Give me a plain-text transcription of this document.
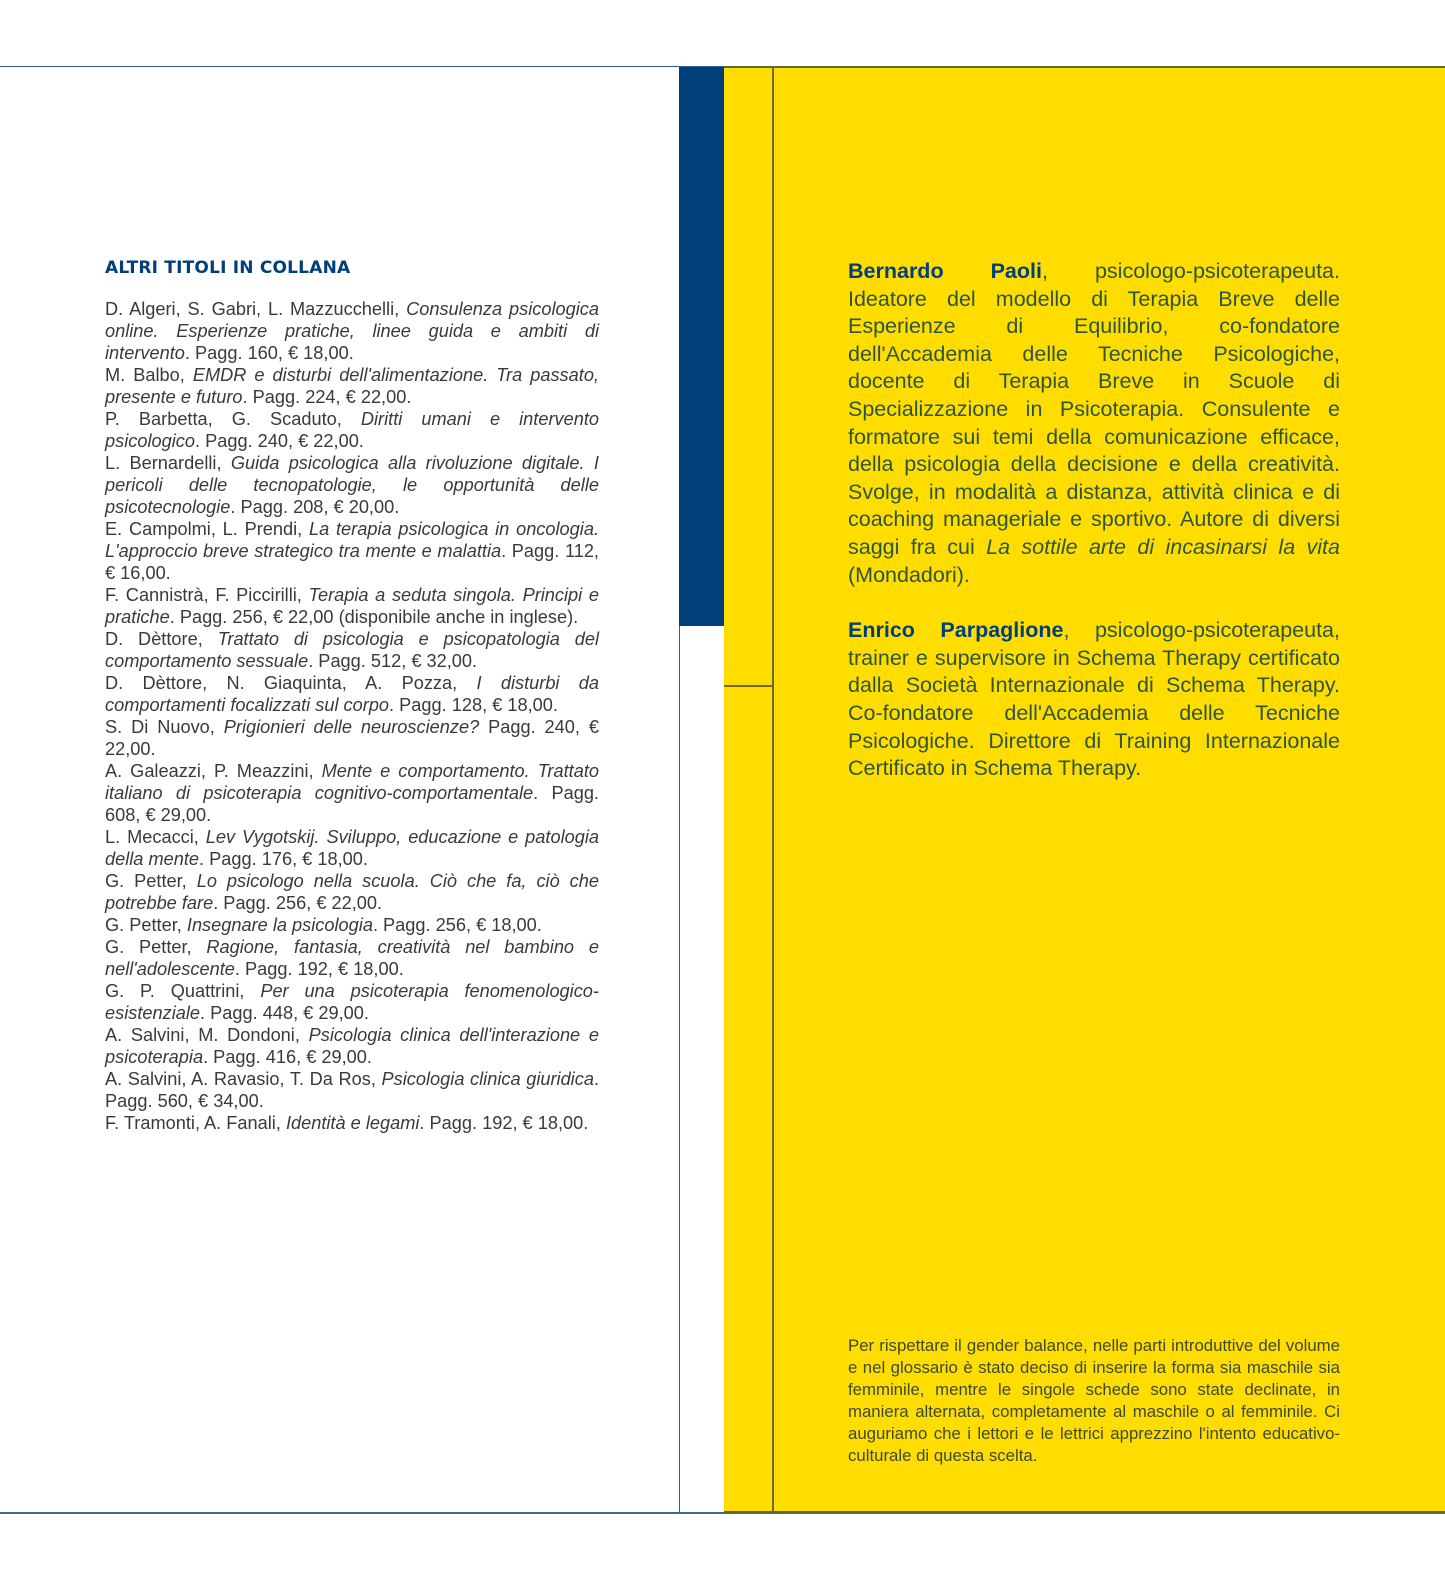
ALTRI TITOLI IN COLLANA
D. Algeri, S. Gabri, L. Mazzucchelli, Consulenza psicologica online. Esperienze pratiche, linee guida e ambiti di intervento. Pagg. 160, € 18,00.
M. Balbo, EMDR e disturbi dell'alimentazione. Tra passato, presente e futuro. Pagg. 224, € 22,00.
P. Barbetta, G. Scaduto, Diritti umani e intervento psicologico. Pagg. 240, € 22,00.
L. Bernardelli, Guida psicologica alla rivoluzione digitale. I pericoli delle tecnopatologie, le opportunità delle psicotecnologie. Pagg. 208, € 20,00.
E. Campolmi, L. Prendi, La terapia psicologica in oncologia. L'approccio breve strategico tra mente e malattia. Pagg. 112, € 16,00.
F. Cannistrà, F. Piccirilli, Terapia a seduta singola. Principi e pratiche. Pagg. 256, € 22,00 (disponibile anche in inglese).
D. Dèttore, Trattato di psicologia e psicopatologia del comportamento sessuale. Pagg. 512, € 32,00.
D. Dèttore, N. Giaquinta, A. Pozza, I disturbi da comportamenti focalizzati sul corpo. Pagg. 128, € 18,00.
S. Di Nuovo, Prigionieri delle neuroscienze? Pagg. 240, € 22,00.
A. Galeazzi, P. Meazzini, Mente e comportamento. Trattato italiano di psicoterapia cognitivo-comportamentale. Pagg. 608, € 29,00.
L. Mecacci, Lev Vygotskij. Sviluppo, educazione e patologia della mente. Pagg. 176, € 18,00.
G. Petter, Lo psicologo nella scuola. Ciò che fa, ciò che potrebbe fare. Pagg. 256, € 22,00.
G. Petter, Insegnare la psicologia. Pagg. 256, € 18,00.
G. Petter, Ragione, fantasia, creatività nel bambino e nell'adolescente. Pagg. 192, € 18,00.
G. P. Quattrini, Per una psicoterapia fenomenologico-esistenziale. Pagg. 448, € 29,00.
A. Salvini, M. Dondoni, Psicologia clinica dell'interazione e psicoterapia. Pagg. 416, € 29,00.
A. Salvini, A. Ravasio, T. Da Ros, Psicologia clinica giuridica. Pagg. 560, € 34,00.
F. Tramonti, A. Fanali, Identità e legami. Pagg. 192, € 18,00.

Bernardo Paoli, psicologo-psicoterapeuta. Ideatore del modello di Terapia Breve delle Esperienze di Equilibrio, co-fondatore dell'Accademia delle Tecniche Psicologiche, docente di Terapia Breve in Scuole di Specializzazione in Psicoterapia. Consulente e formatore sui temi della comunicazione efficace, della psicologia della decisione e della creatività. Svolge, in modalità a distanza, attività clinica e di coaching manageriale e sportivo. Autore di diversi saggi fra cui La sottile arte di incasinarsi la vita (Mondadori).

Enrico Parpaglione, psicologo-psicoterapeuta, trainer e supervisore in Schema Therapy certificato dalla Società Internazionale di Schema Therapy. Co-fondatore dell'Accademia delle Tecniche Psicologiche. Direttore di Training Internazionale Certificato in Schema Therapy.

Per rispettare il gender balance, nelle parti introduttive del volume e nel glossario è stato deciso di inserire la forma sia maschile sia femminile, mentre le singole schede sono state declinate, in maniera alternata, completamente al maschile o al femminile. Ci auguriamo che i lettori e le lettrici apprezzino l'intento educativo-culturale di questa scelta.
